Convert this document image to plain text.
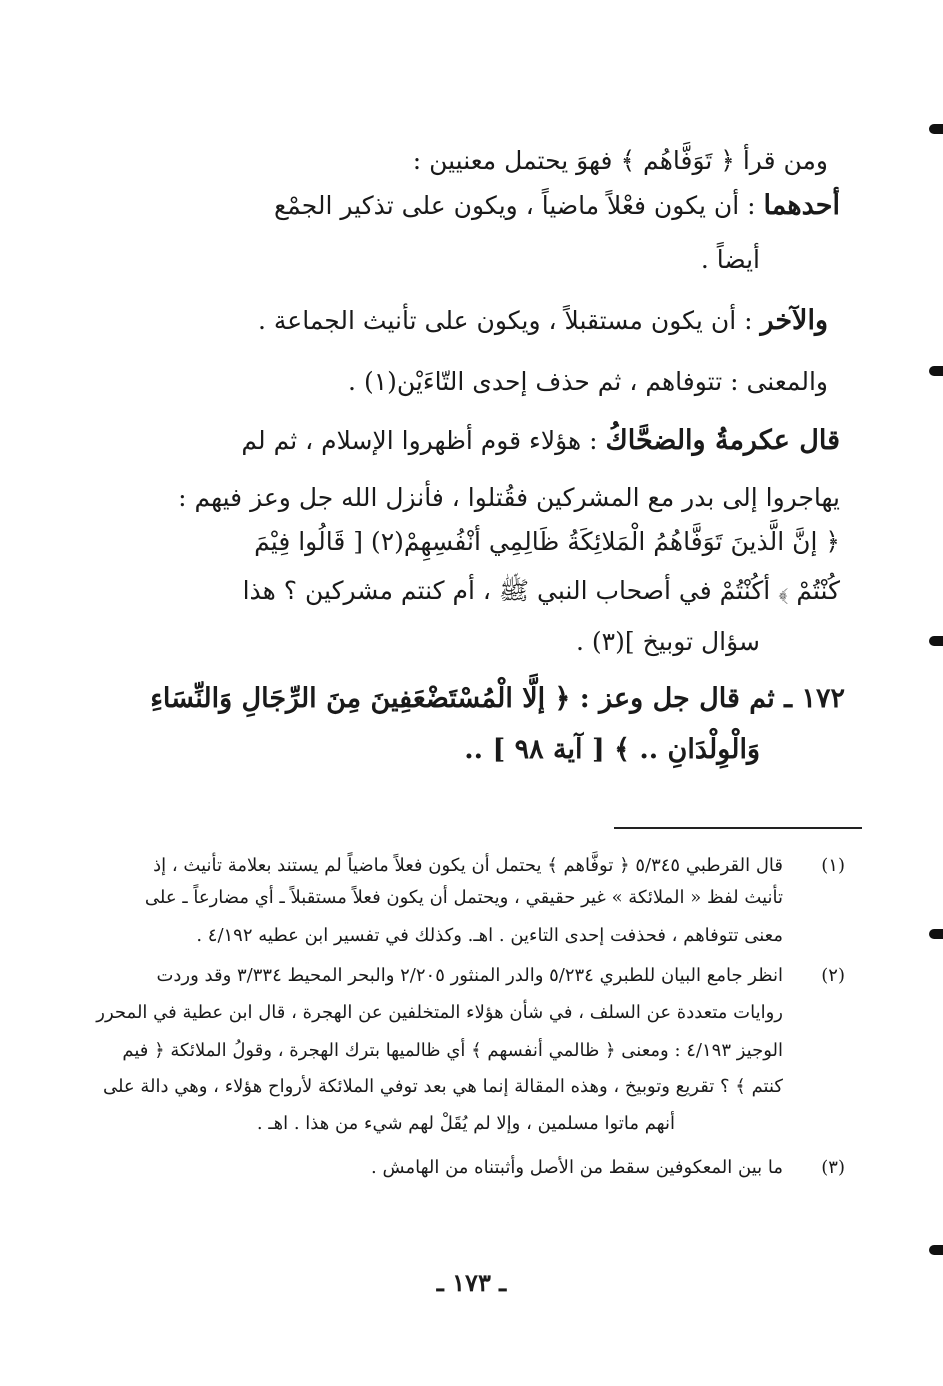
ومن قرأ ﴿ تَوَفَّاهُم ﴾ فهوَ يحتمل معنيين :
أحدهما : أن يكون فعْلاً ماضياً ، ويكون على تذكير الجمْع
أيضاً .
والآخر : أن يكون مستقبلاً ، ويكون على تأنيث الجماعة .
والمعنى : تتوفاهم ، ثم حذف إحدى التّاءَيْن(١) .
قال عكرمةُ والضحَّاكُ : هؤلاء قوم أظهروا الإسلام ، ثم لم
يهاجروا إلى بدر مع المشركين فقُتلوا ، فأنزل الله جل وعز فيهم :
﴿ إنَّ الَّذينَ تَوَفَّاهُمُ الْمَلائِكَةُ ظَالِمِي أنْفُسِهِمْ(٢) [ قَالُوا فِيْمَ
كُنْتُمْ ﴾ أكُنْتُمْ في أصحاب النبي ﷺ ، أم كنتم مشركين ؟ هذا
سؤال توبيخ ](٣) .
١٧٢ ـ ثم قال جل وعز : ﴿ إلَّا الْمُسْتَضْعَفِينَ مِنَ الرِّجَالِ وَالنِّسَاءِ
وَالْوِلْدَانِ .. ﴾ [ آية ٩٨ ] ..
(١)
قال القرطبي ٥/٣٤٥ ﴿ توفَّاهم ﴾ يحتمل أن يكون فعلاً ماضياً لم يستند بعلامة تأنيث ، إذ
تأنيث لفظ « الملائكة » غير حقيقي ، ويحتمل أن يكون فعلاً مستقبلاً ـ أي مضارعاً ـ على
معنى تتوفاهم ، فحذفت إحدى التاءين . اهـ. وكذلك في تفسير ابن عطيه ٤/١٩٢ .
(٢)
انظر جامع البيان للطبري ٥/٢٣٤ والدر المنثور ٢/٢٠٥ والبحر المحيط ٣/٣٣٤ وقد وردت
روايات متعددة عن السلف ، في شأن هؤلاء المتخلفين عن الهجرة ، قال ابن عطية في المحرر
الوجيز ٤/١٩٣ : ومعنى ﴿ ظالمي أنفسهم ﴾ أي ظالميها بترك الهجرة ، وقولُ الملائكة ﴿ فيم
كنتم ﴾ ؟ تقريع وتوبيخ ، وهذه المقالة إنما هي بعد توفي الملائكة لأرواح هؤلاء ، وهي دالة على
أنهم ماتوا مسلمين ، وإلا لم يُقَلْ لهم شيء من هذا . اهـ .
(٣)
ما بين المعكوفين سقط من الأصل وأثبتناه من الهامش .
ـ ١٧٣ ـ
